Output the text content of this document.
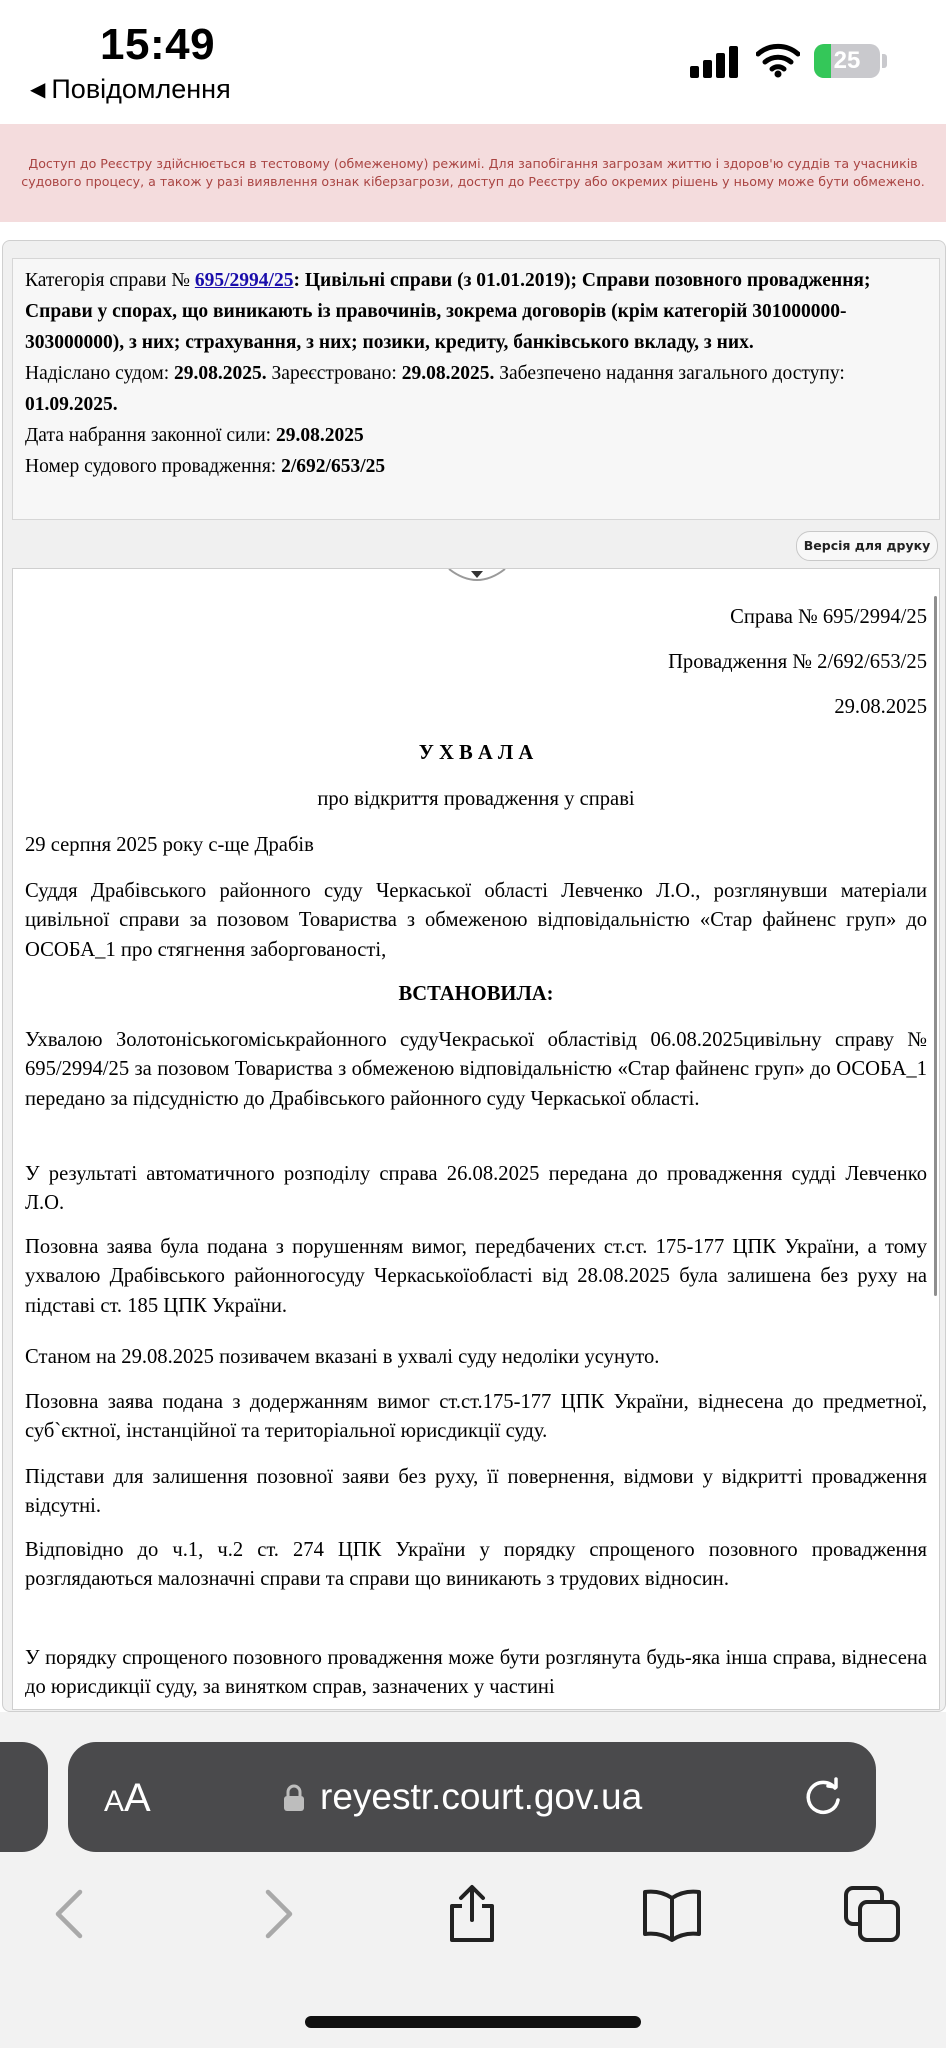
15:49
◀ Повідомлення
25

Доступ до Реєстру здійснюється в тестовому (обмеженому) режимі. Для запобігання загрозам життю і здоров'ю суддів та учасників судового процесу, а також у разі виявлення ознак кіберзагрози, доступ до Реєстру або окремих рішень у ньому може бути обмежено.

Категорія справи № 695/2994/25: Цивільні справи (з 01.01.2019); Справи позовного провадження; Справи у спорах, що виникають із правочинів, зокрема договорів (крім категорій 301000000-303000000), з них; страхування, з них; позики, кредиту, банківського вкладу, з них.

Надіслано судом: 29.08.2025. Зареєстровано: 29.08.2025. Забезпечено надання загального доступу: 01.09.2025.

Дата набрання законної сили: 29.08.2025

Номер судового провадження: 2/692/653/25

Версія для друку

Справа № 695/2994/25

Провадження № 2/692/653/25

29.08.2025

У Х В А Л А

про відкриття провадження у справі

29 серпня 2025 року с-ще Драбів

Суддя Драбівського районного суду Черкаської області Левченко Л.О., розглянувши матеріали цивільної справи за позовом Товариства з обмеженою відповідальністю «Стар файненс груп» до ОСОБА_1 про стягнення заборгованості,

ВСТАНОВИЛА:

Ухвалою Золотоніськогоміськрайонного судуЧекраської областівід 06.08.2025цивільну справу № 695/2994/25 за позовом Товариства з обмеженою відповідальністю «Стар файненс груп» до ОСОБА_1 передано за підсудністю до Драбівського районного суду Черкаської області.

У результаті автоматичного розподілу справа 26.08.2025 передана до провадження судді Левченко Л.О.

Позовна заява була подана з порушенням вимог, передбачених ст.ст. 175-177 ЦПК України, а тому ухвалою Драбівського районногосуду Черкаськоїобласті від 28.08.2025 була залишена без руху на підставі ст. 185 ЦПК України.

Станом на 29.08.2025 позивачем вказані в ухвалі суду недоліки усунуто.

Позовна заява подана з додержанням вимог ст.ст.175-177 ЦПК України, віднесена до предметної, суб`єктної, інстанційної та територіальної юрисдикції суду.

Підстави для залишення позовної заяви без руху, її повернення, відмови у відкритті провадження відсутні.

Відповідно до ч.1, ч.2 ст. 274 ЦПК України у порядку спрощеного позовного провадження розглядаються малозначні справи та справи що виникають з трудових відносин.

У порядку спрощеного позовного провадження може бути розглянута будь-яка інша справа, віднесена до юрисдикції суду, за винятком справ, зазначених у частині

AA	reyestr.court.gov.ua
